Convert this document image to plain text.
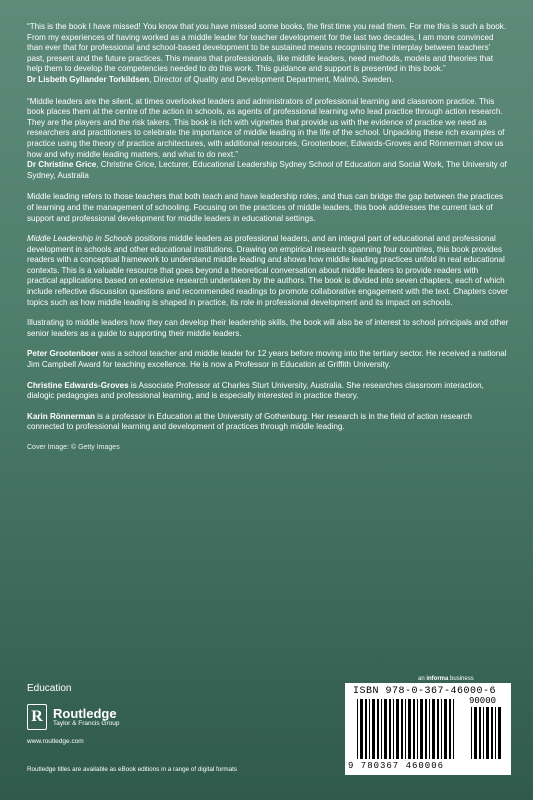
“This is the book I have missed! You know that you have missed some books, the first time you read them. For me this is such a book. From my experiences of having worked as a middle leader for teacher development for the last two decades, I am more convinced than ever that for professional and school-based development to be sustained means recognising the interplay between teachers’ past, present and the future practices. This means that professionals, like middle leaders, need methods, models and theories that help them to develop the competencies needed to do this work. This guidance and support is presented in this book.”
Dr Lisbeth Gyllander Torkildsen, Director of Quality and Development Department, Malmö, Sweden.

“Middle leaders are the silent, at times overlooked leaders and administrators of professional learning and classroom practice. This book places them at the centre of the action in schools, as agents of professional learning who lead practice through action research. They are the players and the risk takers. This book is rich with vignettes that provide us with the evidence of practice we need as researchers and practitioners to celebrate the importance of middle leading in the life of the school. Unpacking these rich examples of practice using the theory of practice architectures, with additional resources, Grootenboer, Edwards-Groves and Rönnerman show us how and why middle leading matters, and what to do next.”
Dr Christine Grice, Christine Grice, Lecturer, Educational Leadership Sydney School of Education and Social Work, The University of Sydney, Australia

Middle leading refers to those teachers that both teach and have leadership roles, and thus can bridge the gap between the practices of learning and the management of schooling. Focusing on the practices of middle leaders, this book addresses the current lack of support and professional development for middle leaders in educational settings.

Middle Leadership in Schools positions middle leaders as professional leaders, and an integral part of educational and professional development in schools and other educational institutions. Drawing on empirical research spanning four countries, this book provides readers with a conceptual framework to understand middle leading and shows how middle leading practices unfold in real educational contexts. This is a valuable resource that goes beyond a theoretical conversation about middle leaders to provide readers with practical applications based on extensive research undertaken by the authors. The book is divided into seven chapters, each of which include reflective discussion questions and recommended readings to promote collaborative engagement with the text. Chapters cover topics such as how middle leading is shaped in practice, its role in professional development and its impact on schools.

Illustrating to middle leaders how they can develop their leadership skills, the book will also be of interest to school principals and other senior leaders as a guide to supporting their middle leaders.

Peter Grootenboer was a school teacher and middle leader for 12 years before moving into the tertiary sector. He received a national Jim Campbell Award for teaching excellence. He is now a Professor in Education at Griffith University.

Christine Edwards-Groves is Associate Professor at Charles Sturt University, Australia. She researches classroom interaction, dialogic pedagogies and professional learning, and is especially interested in practice theory.

Karin Rönnerman is a professor in Education at the University of Gothenburg. Her research is in the field of action research connected to professional learning and development of practices through middle leading.

Cover Image: © Getty Images
an informa business
Education
R Routledge
Taylor & Francis Group
www.routledge.com
ISBN 978-0-367-46000-6
90000
9 780367 460006
Routledge titles are available as eBook editions in a range of digital formats
